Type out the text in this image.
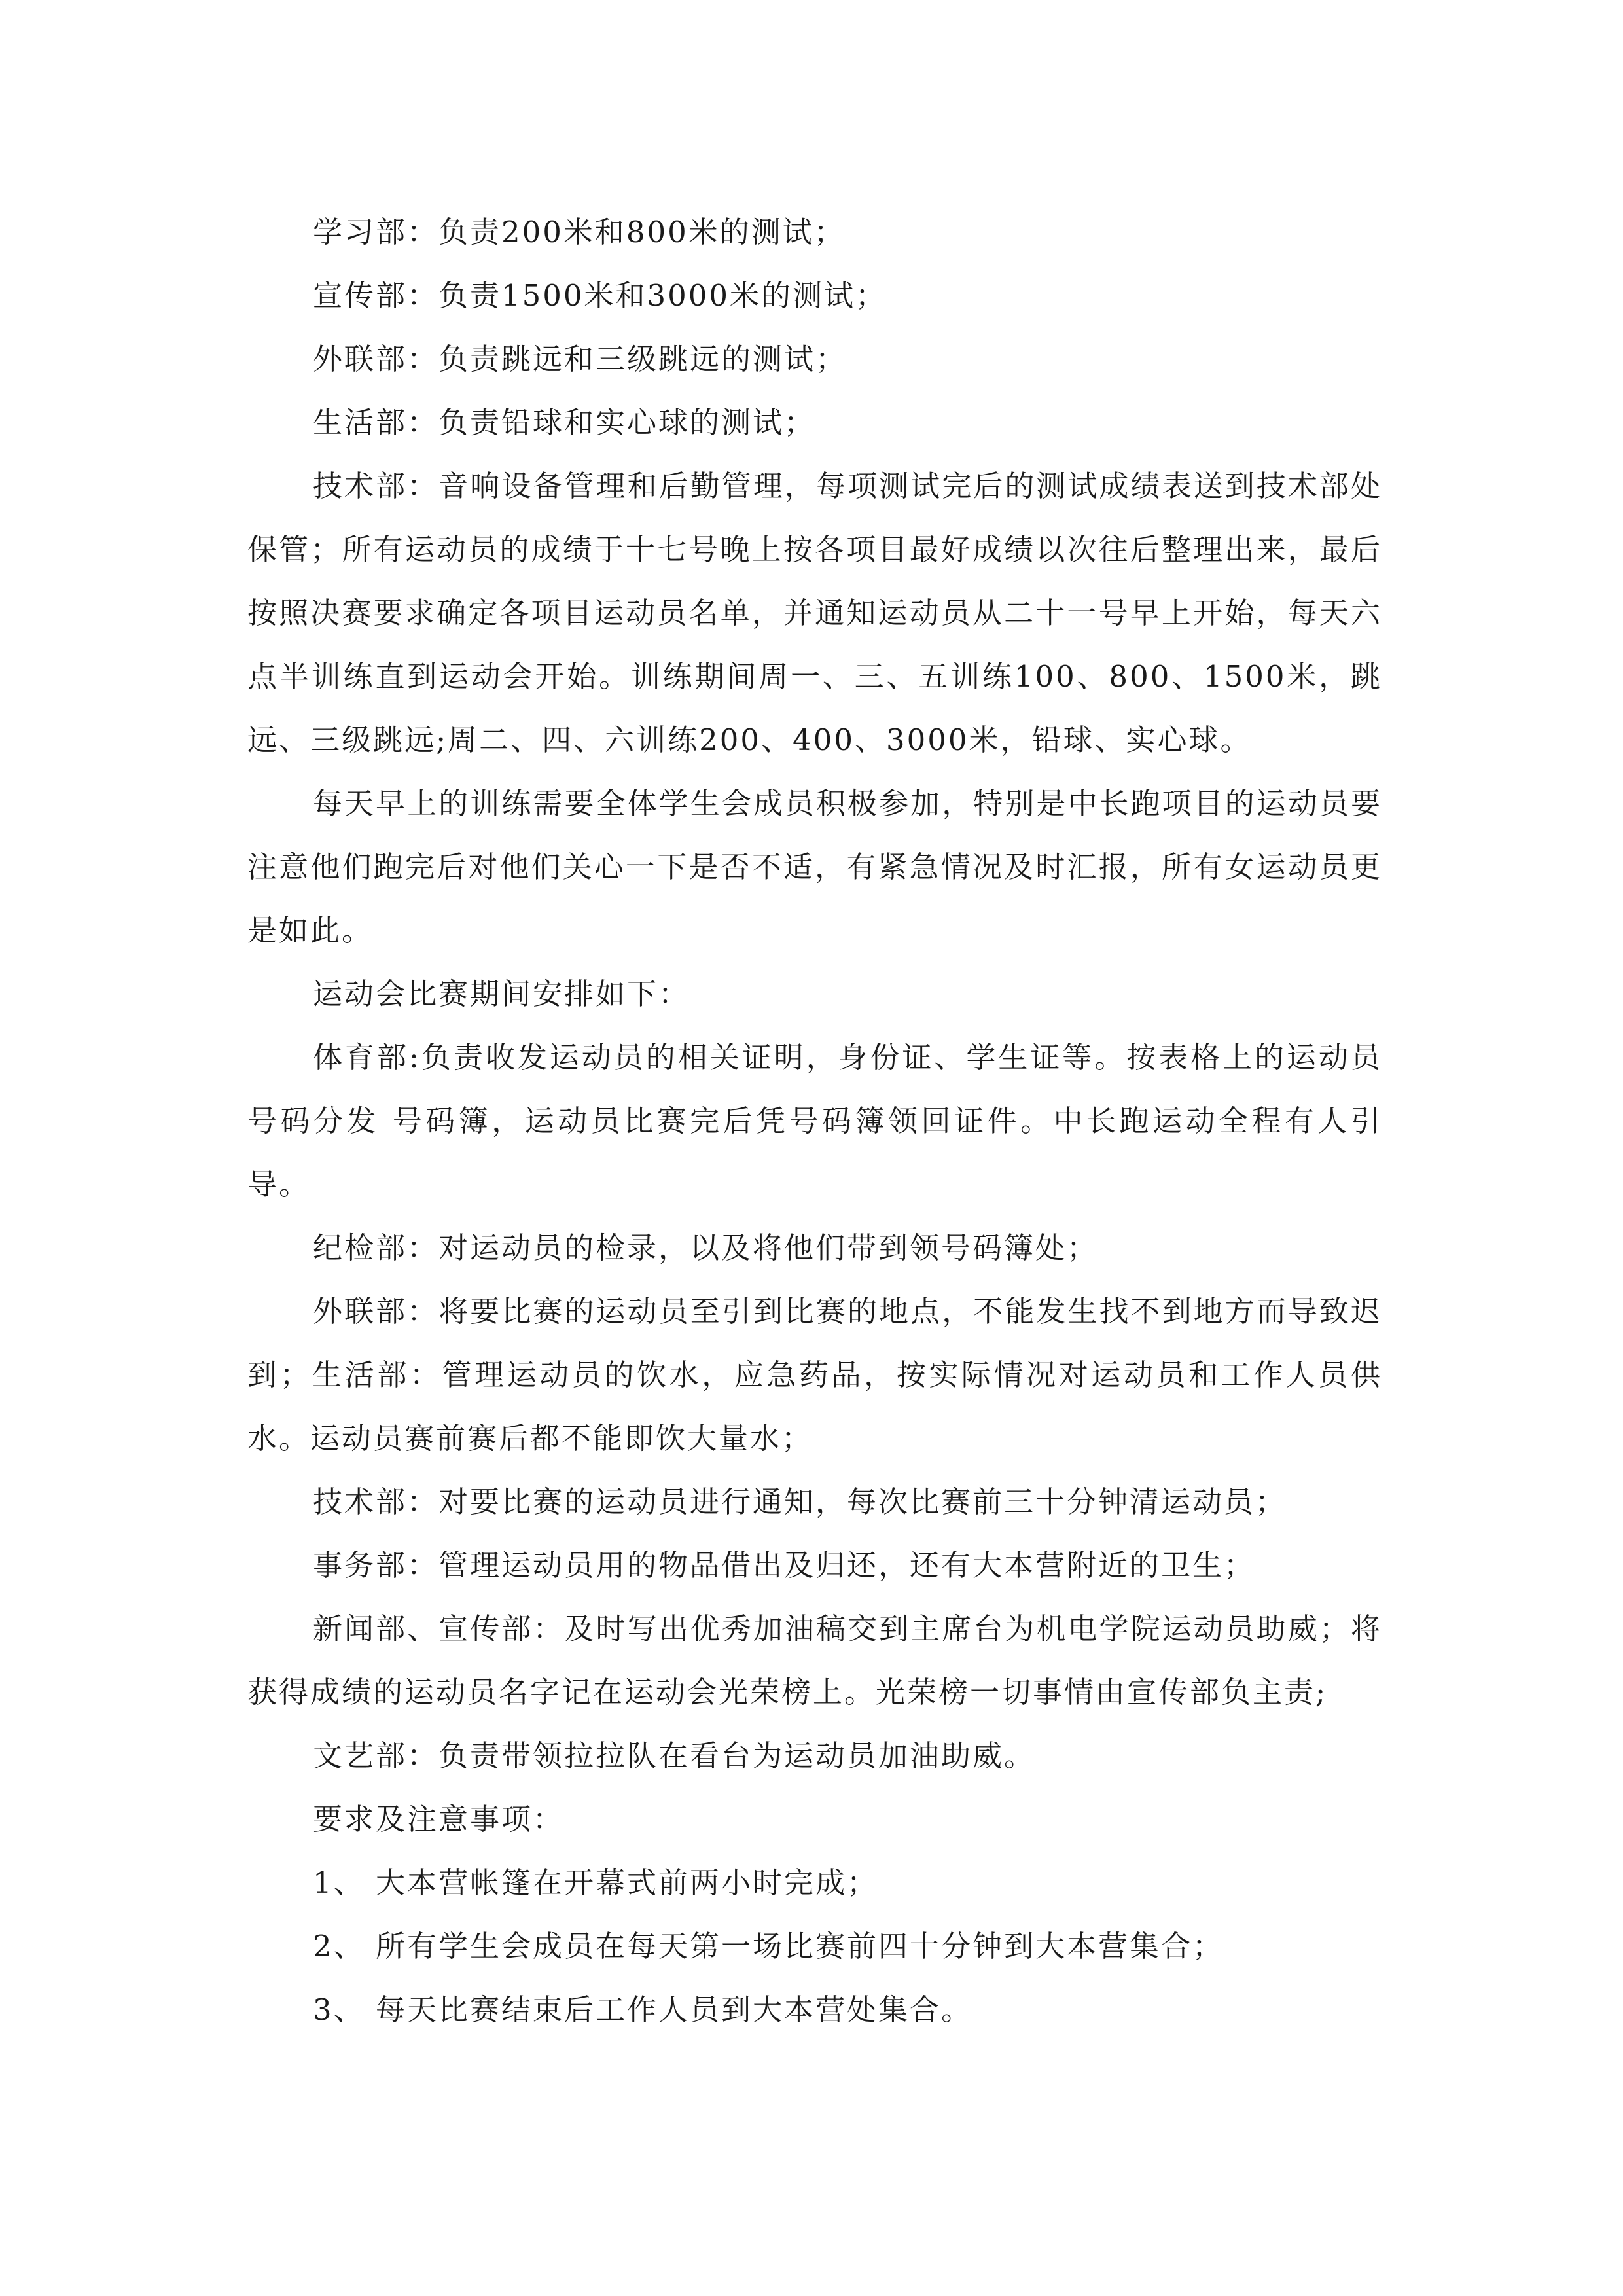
学习部：负责200米和800米的测试；

宣传部：负责1500米和3000米的测试；

外联部：负责跳远和三级跳远的测试；

生活部：负责铅球和实心球的测试；

技术部：音响设备管理和后勤管理，每项测试完后的测试成绩表送到技术部处保管；所有运动员的成绩于十七号晚上按各项目最好成绩以次往后整理出来，最后按照决赛要求确定各项目运动员名单，并通知运动员从二十一号早上开始，每天六点半训练直到运动会开始。训练期间周一、三、五训练100、800、1500米，跳远、三级跳远;周二、四、六训练200、400、3000米，铅球、实心球。

每天早上的训练需要全体学生会成员积极参加，特别是中长跑项目的运动员要注意他们跑完后对他们关心一下是否不适，有紧急情况及时汇报，所有女运动员更是如此。

运动会比赛期间安排如下：

体育部:负责收发运动员的相关证明，身份证、学生证等。按表格上的运动员号码分发 号码簿，运动员比赛完后凭号码簿领回证件。中长跑运动全程有人引导。

纪检部：对运动员的检录，以及将他们带到领号码簿处；

外联部：将要比赛的运动员至引到比赛的地点，不能发生找不到地方而导致迟到；生活部：管理运动员的饮水，应急药品，按实际情况对运动员和工作人员供水。运动员赛前赛后都不能即饮大量水；

技术部：对要比赛的运动员进行通知，每次比赛前三十分钟清运动员；

事务部：管理运动员用的物品借出及归还，还有大本营附近的卫生；

新闻部、宣传部：及时写出优秀加油稿交到主席台为机电学院运动员助威；将获得成绩的运动员名字记在运动会光荣榜上。光荣榜一切事情由宣传部负主责;

文艺部：负责带领拉拉队在看台为运动员加油助威。

要求及注意事项：

1、 大本营帐篷在开幕式前两小时完成；

2、 所有学生会成员在每天第一场比赛前四十分钟到大本营集合；

3、 每天比赛结束后工作人员到大本营处集合。
